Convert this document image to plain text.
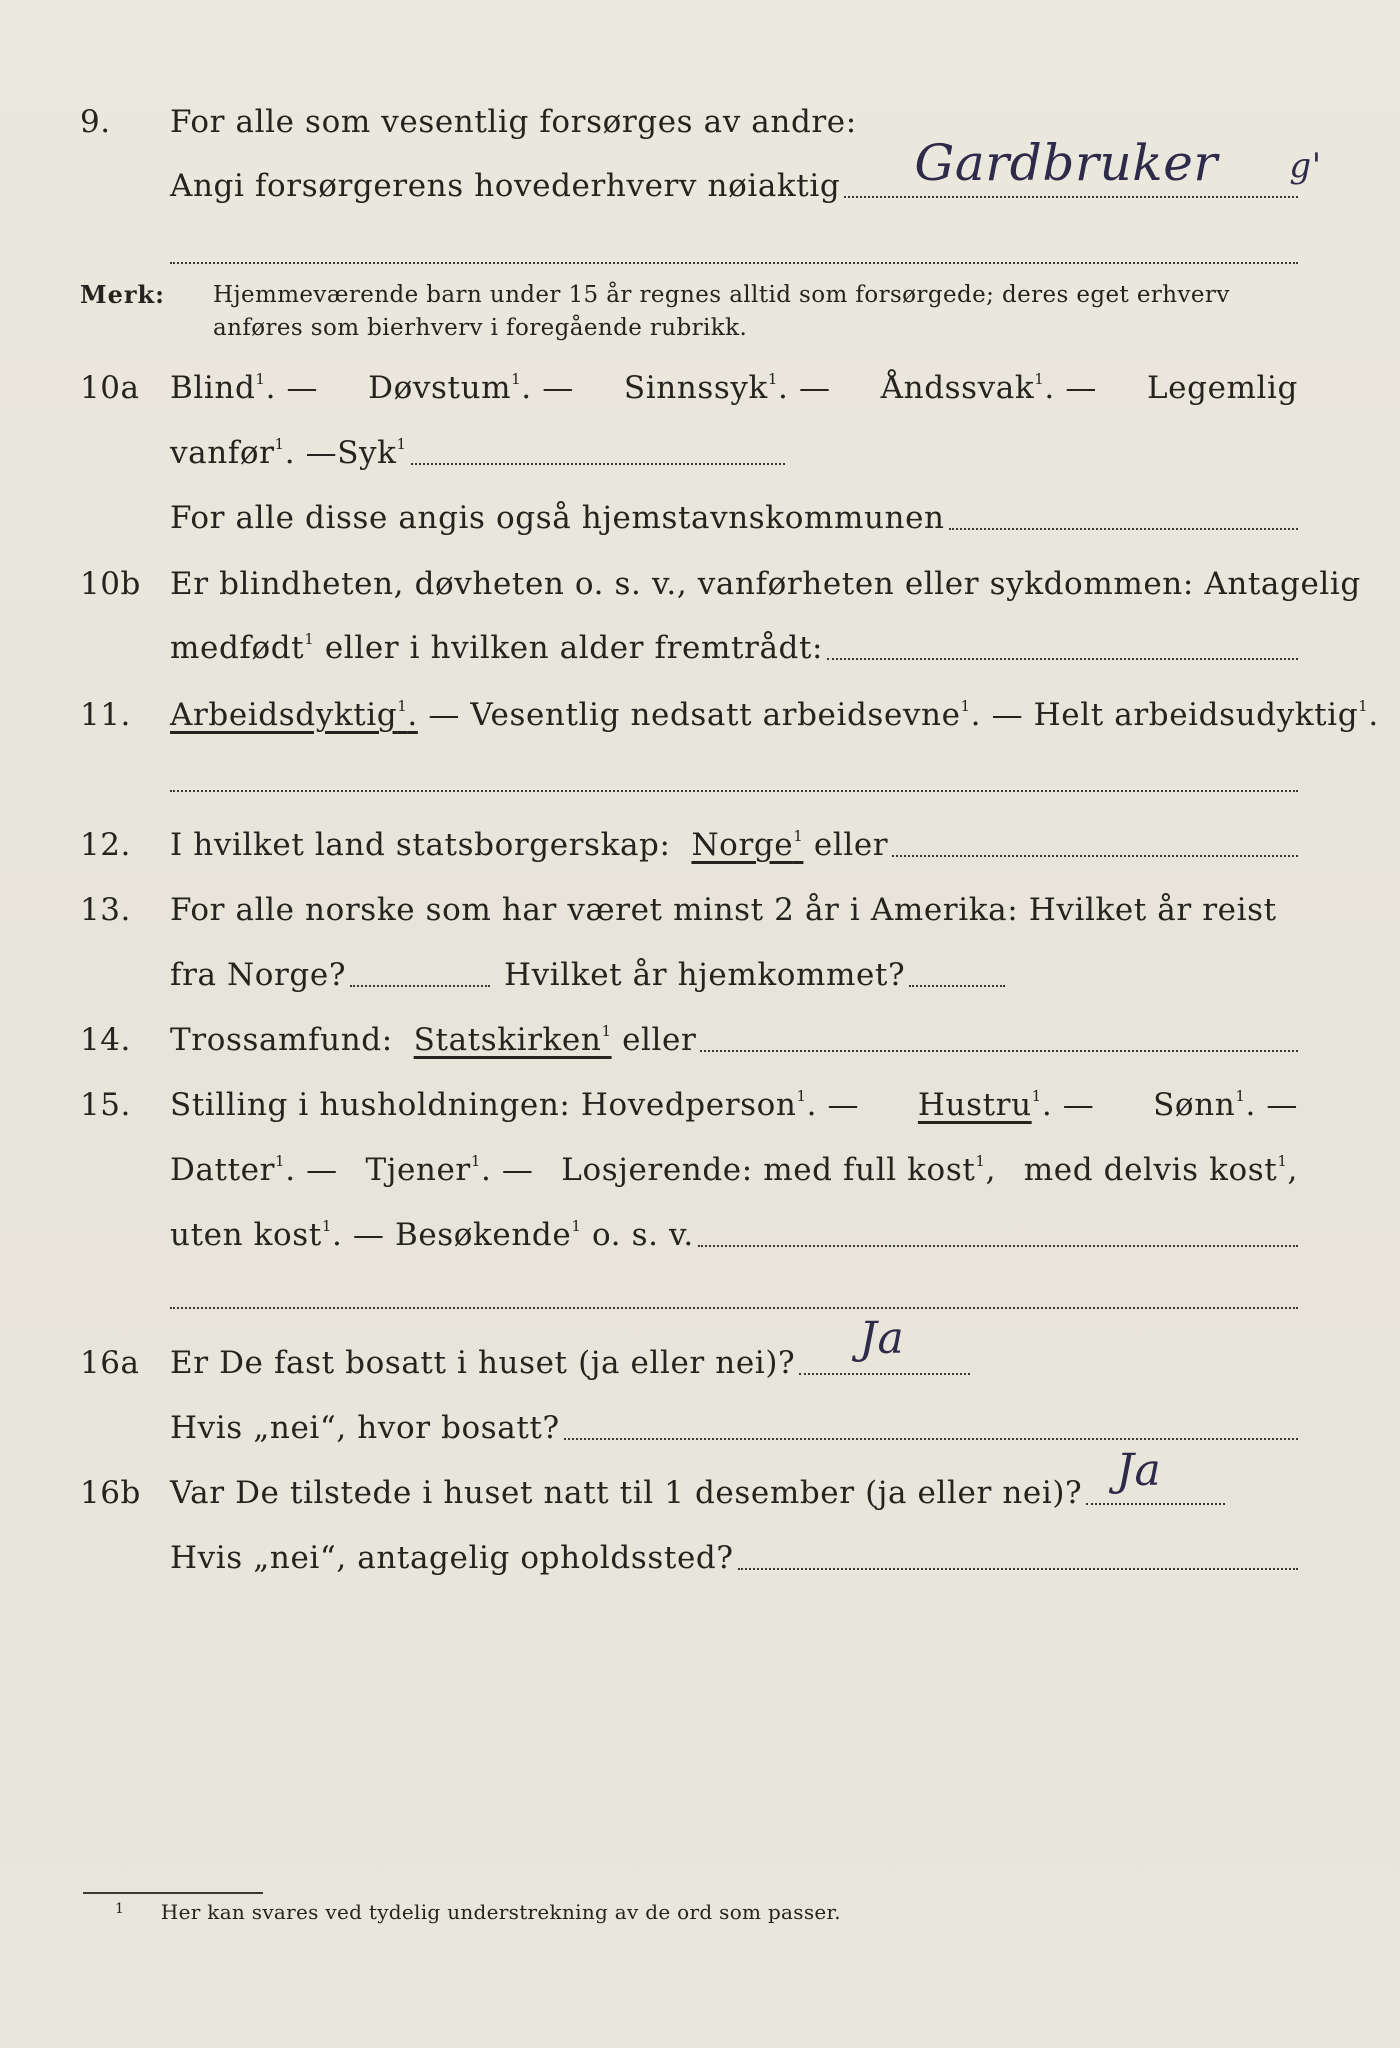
9.	For alle som vesentlig forsørges av andre:
Angi forsørgerens hovederhverv nøiaktig Gardbruker g'
Merk: Hjemmeværende barn under 15 år regnes alltid som forsørgede; deres eget erhverv
anføres som bierhverv i foregående rubrikk.
10a Blind$^1$. — Døvstum$^1$. — Sinnssyk$^1$. — Åndssvak$^1$. — Legemlig
vanfør$^1$. — Syk$^1$
For alle disse angis også hjemstavnskommunen
10b Er blindheten, døvheten o. s. v., vanførheten eller sykdommen: Antagelig
medfødt$^1$ eller i hvilken alder fremtrådt:
11.	Arbeidsdyktig$^1$. — Vesentlig nedsatt arbeidsevne$^1$. — Helt arbeidsudyktig$^1$.
12.	I hvilket land statsborgerskap:
Norge$^1$
eller
13.	For alle norske som har været minst 2 år i Amerika: Hvilket år reist
fra Norge?	Hvilket år hjemkommet?
14.	Trossamfund:
Statskirken$^1$
eller
15.	Stilling i husholdningen: Hovedperson$^1$. — Hustru$^1$. — Sønn$^1$. —
Datter$^1$. — Tjener$^1$. — Losjerende: med full kost$^1$, med delvis kost$^1$,
uten kost$^1$. — Besøkende$^1$ o. s. v.
16a Er De fast bosatt i huset (ja eller nei)? Ja
Hvis „nei“, hvor bosatt?
16b Var De tilstede i huset natt til 1 desember (ja eller nei)? Ja
Hvis „nei“, antagelig opholdssted?
$^1$ Her kan svares ved tydelig understrekning av de ord som passer.
